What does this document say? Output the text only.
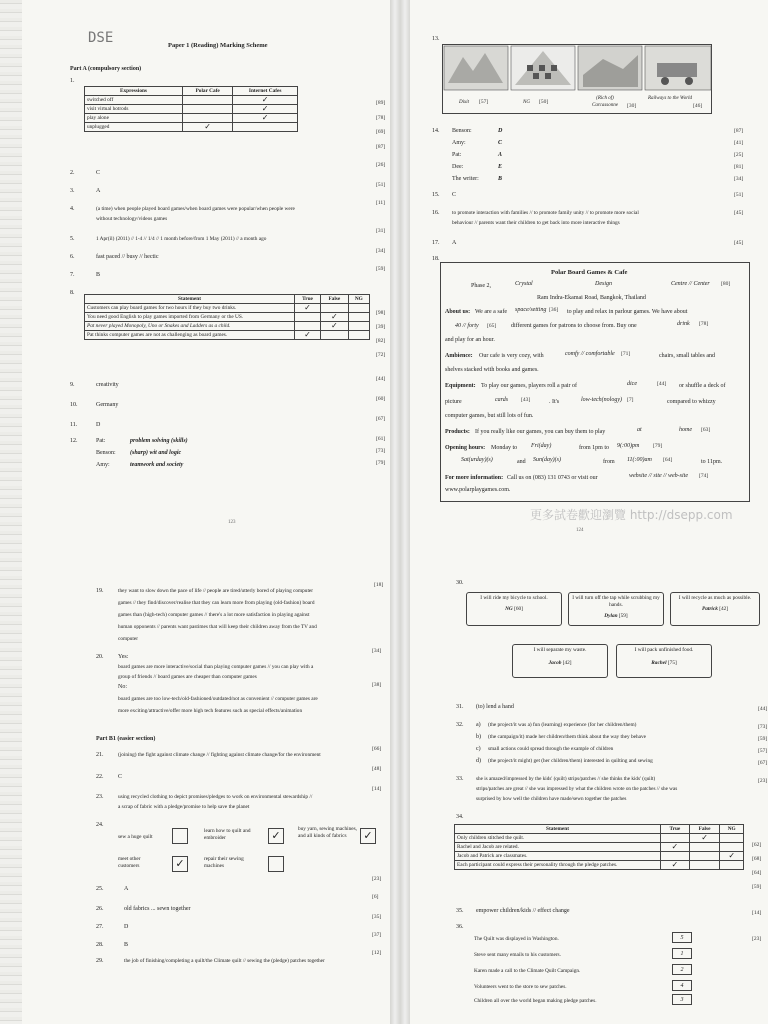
DSE	Paper 1 (Reading) Marking Scheme
Part A (compulsory section)
1.
Expressions	Polar Cafe	Internet Cafes
switched off		✓
visit virtual hotrods		✓
play alone		✓
unplugged	✓	
[89]
[78]
[69]
[87]
2.	C
[26]
3.	A
[51]
4.	(a time) when people played board games/when board games were popular/when people were
without technology/videos games
[11]
5.	1 Apr(il) (2011) // 1-4 // 1/4 // 1 month before/from 1 May (2011) // a month ago
[31]
6.	fast paced // busy // hectic
[34]
7.	B
[59]
8.
Statement	True	False	NG
Customers can play board games for two hours if they buy two drinks.	✓		
You need good English to play games imported from Germany or the US.		✓	
Pat never played Monopoly, Uno or Snakes and Ladders as a child.		✓	
Pat thinks computer games are not as challenging as board games.	✓		
[98]
[39]
[82]
[72]
9.	creativity
[44]
10.	Germany
[60]
11.	D
[67]
12.	Pat:	problem solving (skills)	[61]
Benson: (sharp) wit and logic	[73]
Amy:	teamwork and society	[79]
123
13.
Dixit [57]	NG [50]
(Rich of) Carcassonne	[30]
Railways to the World
[46]
14. Benson:	D	[87]
Amy:	C	[41]
Pat:	A	[25]
Dee:	E	[81]
The writer:	B	[34]
15. C	[51]
16. to promote interaction with families // to promote family unity // to promote more social
behaviour // parents want their children to get back into more interactive things
[45]
17. A	[45]
18.
Polar Board Games & Cafe
Phase 2,	Crystal	Design	Centre // Center [80]
Ram Indra-Ekamai Road, Bangkok, Thailand
About us: We are a safe space/setting [36] to play and relax in parlour games. We have about
40 // forty [65] different games for patrons to choose from. Buy one	drink [78]
and play for an hour.
Ambience: Our cafe is very cozy, with	comfy // comfortable [71]	chairs, small tables and
shelves stacked with books and games.
Equipment: To play our games, players roll a pair of	dice	[44] or shuffle a deck of
picture	cards [43]	. It's	low-tech(nology) [7]	compared to whizzy
computer games, but still lots of fun.
Products: If you really like our games, you can buy them to play	at	home [63]
Opening hours: Monday to Fri(day)	from 1pm to 9(:00)pm [79]
Sat(urday)(s)	and Sun(day)(s)	from 11(:00)am [64]	to 11pm.
For more information: Call us on (083) 131 0743 or visit our	website // site // web-site [74]
www.polarplaygames.com.
更多試卷歡迎瀏覽 http://dsepp.com
124
19.	they want to slow down the pace of life // people are tired/utterly bored of playing computer
games // they find/discover/realise that they can learn more from playing (old-fashion) board
games than (high-tech) computer games // there's a lot more satisfaction in playing against
human opponents // parents want pastimes that will keep their children away from the TV and
computer
[18]
20. Yes:
board games are more interactive/social than playing computer games // you can play with a
group of friends // board games are cheaper than computer games
No:
board games are too low-tech/old-fashioned/outdated/not as convenient // computer games are
more exciting/attractive/offer more high tech features such as special effects/animation
[34]
[38]
Part B1 (easier section)
21.	(joining) the fight against climate change // fighting against climate change/for the environment
[66]
22. C
[48]
23.	using recycled clothing to depict promises/pledges to work on environmental stewardship //
a scrap of fabric with a pledge/promise to help save the planet
[14]
24.
sew a huge quilt
learn how to quilt and embroider	✓
buy yarn, sewing machines, and all kinds of fabrics	✓
meet other customers	✓	repair their sewing machines
25.	A
[23]
26.	old fabrics ... sewn together
[6]
27.	D
[35]
28.	B
[37]
29.	the job of finishing/completing a quilt/the Climate quilt // sewing the (pledge) patches together
[12]
30.
I will ride my bicycle to school.
NG [60]
I will turn off the tap while scrubbing my hands.
Dylan [59]
I will recycle as much as possible.
Patrick [42]
I will separate my waste.
Jacob [42]
I will pack unfinished food.
Rachel [75]
31. (to) lend a hand	[44]
32. a) (the project/it was a) fun (learning) experience (for her children/them)	[73]
b) (the campaign/it) made her children/them think about the way they behave	[59]
c) small actions could spread through the example of children	[57]
d) (the project/it might) get (her children/them) interested in quilting and sewing	[67]
33. she is amazed/impressed by the kids' (quilt) strips/patches // she thinks the kids' (quilt)
strips/patches are great // she was impressed by what the children wrote on the patches // she was
surprised by how well the children have made/sewn together the patches
[23]
34.
Statement	True	False	NG
Only children stitched the quilt.		✓	
Rachel and Jacob are related.	✓		
Jacob and Patrick are classmates.			✓
Each participant could express their personality through the pledge patches.	✓		
[62]
[68]
[64]
[59]
35. empower children/kids // effect change	[14]
36.
[23]
The Quilt was displayed in Washington.	5
Steve sent many emails to his customers.	1
Karen made a call to the Climate Quilt Campaign.	2
Volunteers went to the store to sew patches.	4
Children all over the world began making pledge patches.	3
